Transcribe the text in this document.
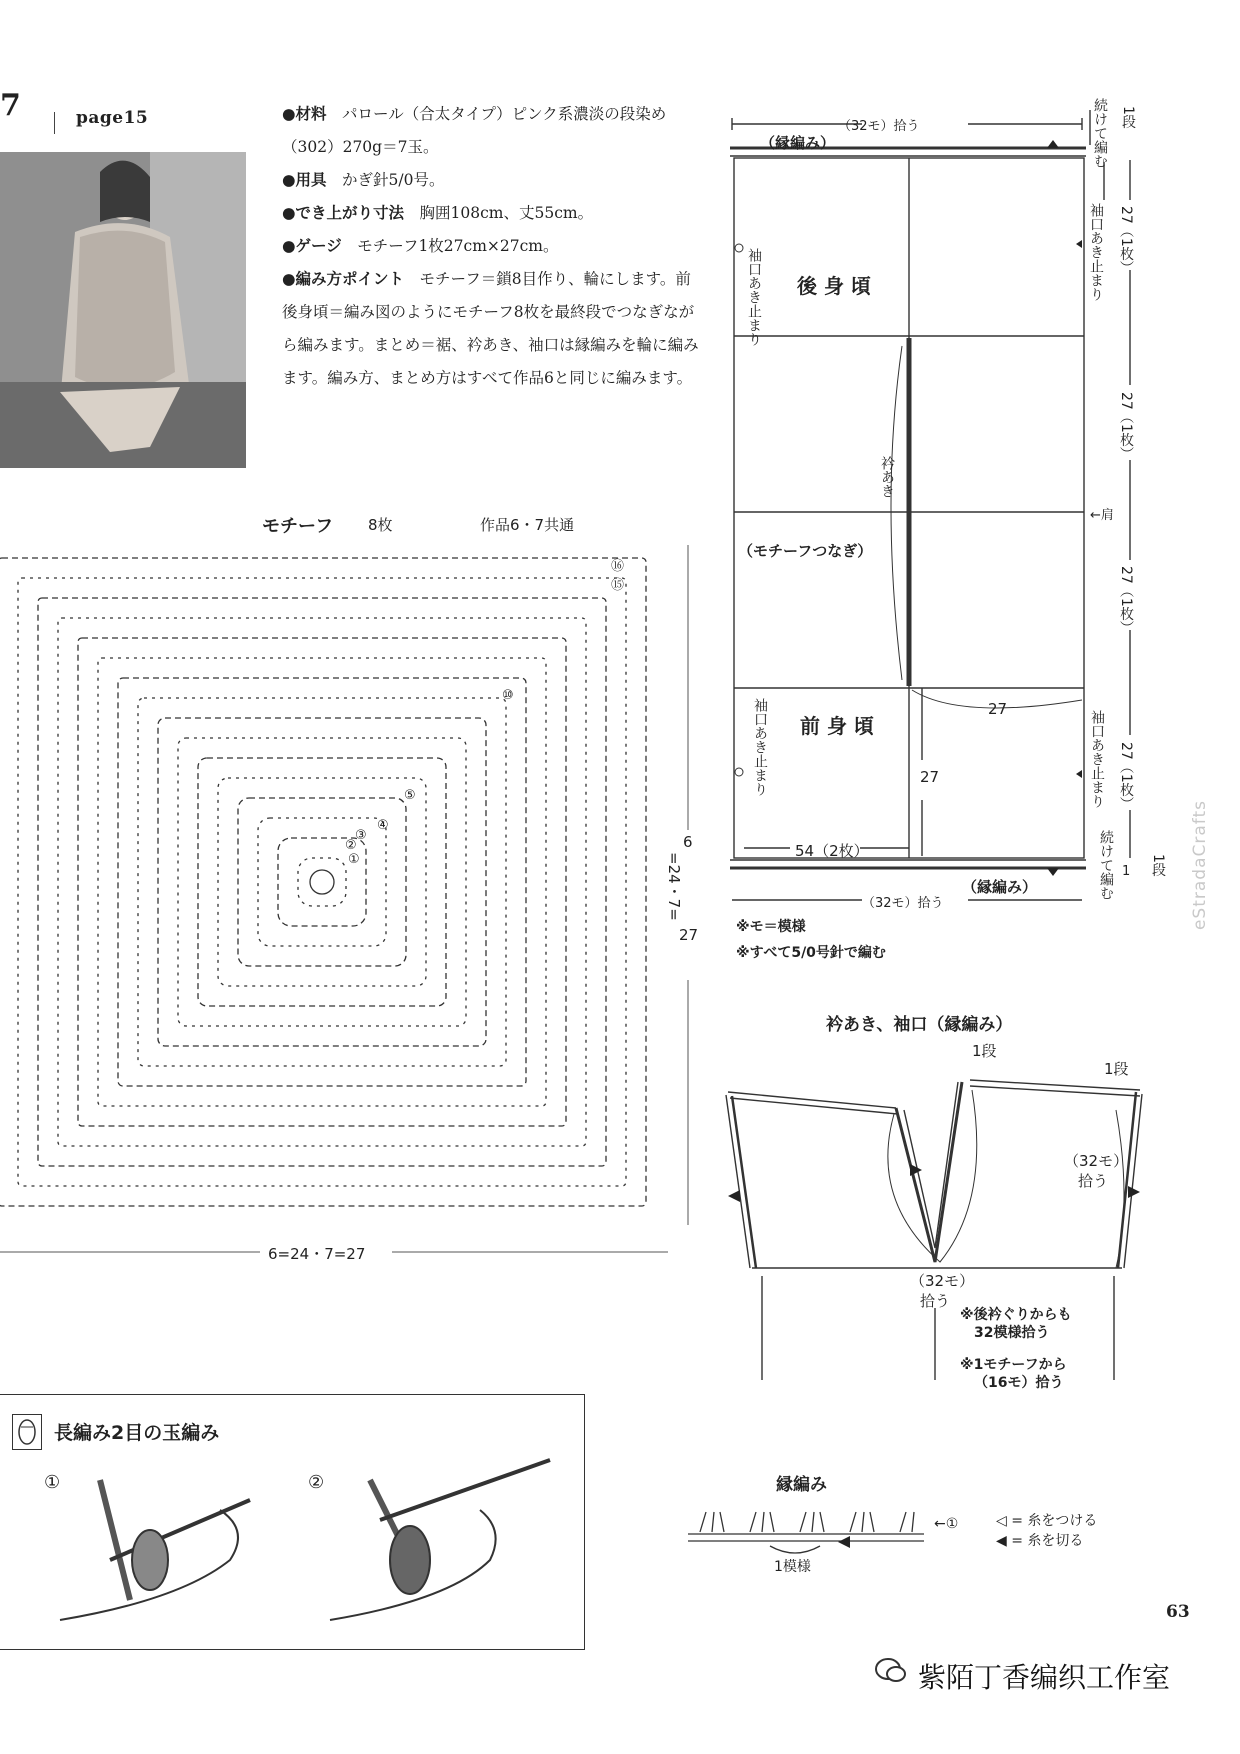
7	page15	●材料　パロール（合太タイプ）ピンク系濃淡の段染め（302）270g＝7玉。

●用具　かぎ針5/0号。

●でき上がり寸法　胸囲108cm、丈55cm。

●ゲージ　モチーフ1枚27cm×27cm。

●編み方ポイント　モチーフ＝鎖8目作り、輪にします。前後身頃＝編み図のようにモチーフ8枚を最終段でつなぎながら編みます。まとめ＝裾、衿あき、袖口は縁編みを輪に編みます。編み方、まとめ方はすべて作品6と同じに編みます。

モチーフ 8枚	作品6・7共通
6=24・7=27
6
=24・7=
27
⑯
⑮
⑩
⑤
④
③
②
①
（32モ）拾う
（縁編み）
後 身 頃
前 身 頃
（モチーフつなぎ）
衿あき
袖口あき止まり	袖口あき止まり
袖口あき止まり	袖口あき止まり
続けて編む
続けて編む
←肩
1段
1段
1
27（1枚）
27（1枚）
27（1枚）
27（1枚）
27
27
54（2枚）
（縁編み）
（32モ）拾う
※モ＝模様
※すべて5/0号針で編む
衿あき、袖口（縁編み）
1段
1段
（32モ）
拾う
（32モ）
拾う
※後衿ぐりからも
32模様拾う
※1モチーフから
（16モ）拾う
長編み2目の玉編み
①	②	縁編み
1模様
←①	◁ = 糸をつける
◀ = 糸を切る
63
紫陌丁香编织工作室
eStradaCrafts
